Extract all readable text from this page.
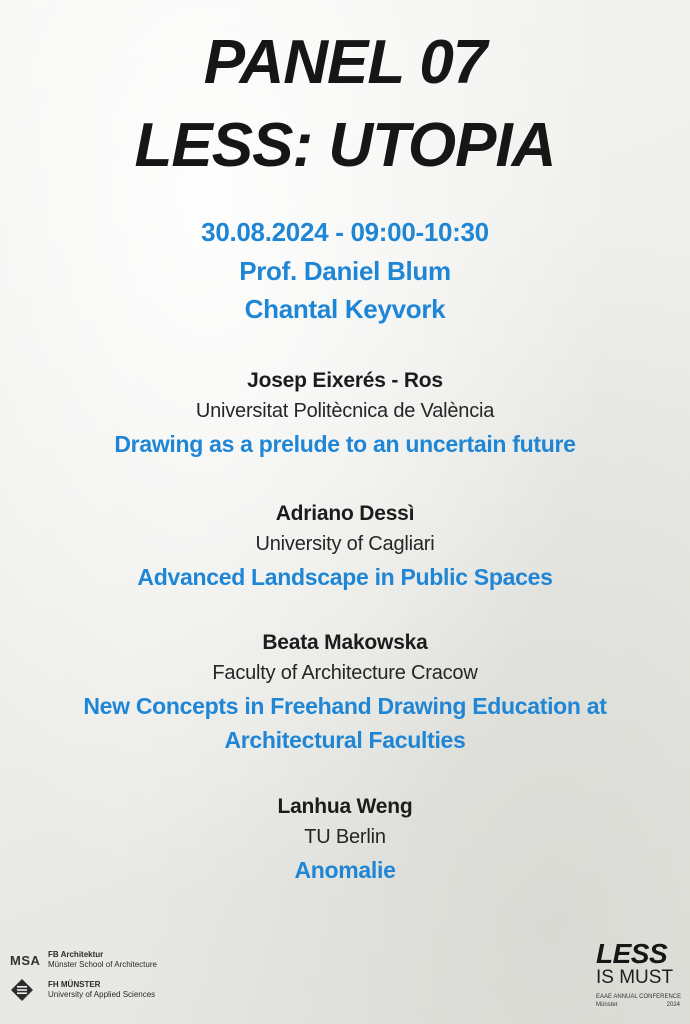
PANEL 07
LESS: UTOPIA

30.08.2024 - 09:00-10:30

Prof. Daniel Blum

Chantal Keyvork

Josep Eixerés - Ros

Universitat Politècnica de València

Drawing as a prelude to an uncertain future

Adriano Dessì

University of Cagliari

Advanced Landscape in Public Spaces

Beata Makowska

Faculty of Architecture Cracow

New Concepts in Freehand Drawing Education at

Architectural Faculties

Lanhua Weng

TU Berlin

Anomalie

MSA FB Architektur
Münster School of Architecture
FH MÜNSTER
University of Applied Sciences
LESS
IS MUST
EAAE ANNUAL CONFERENCE
Münster	2024
